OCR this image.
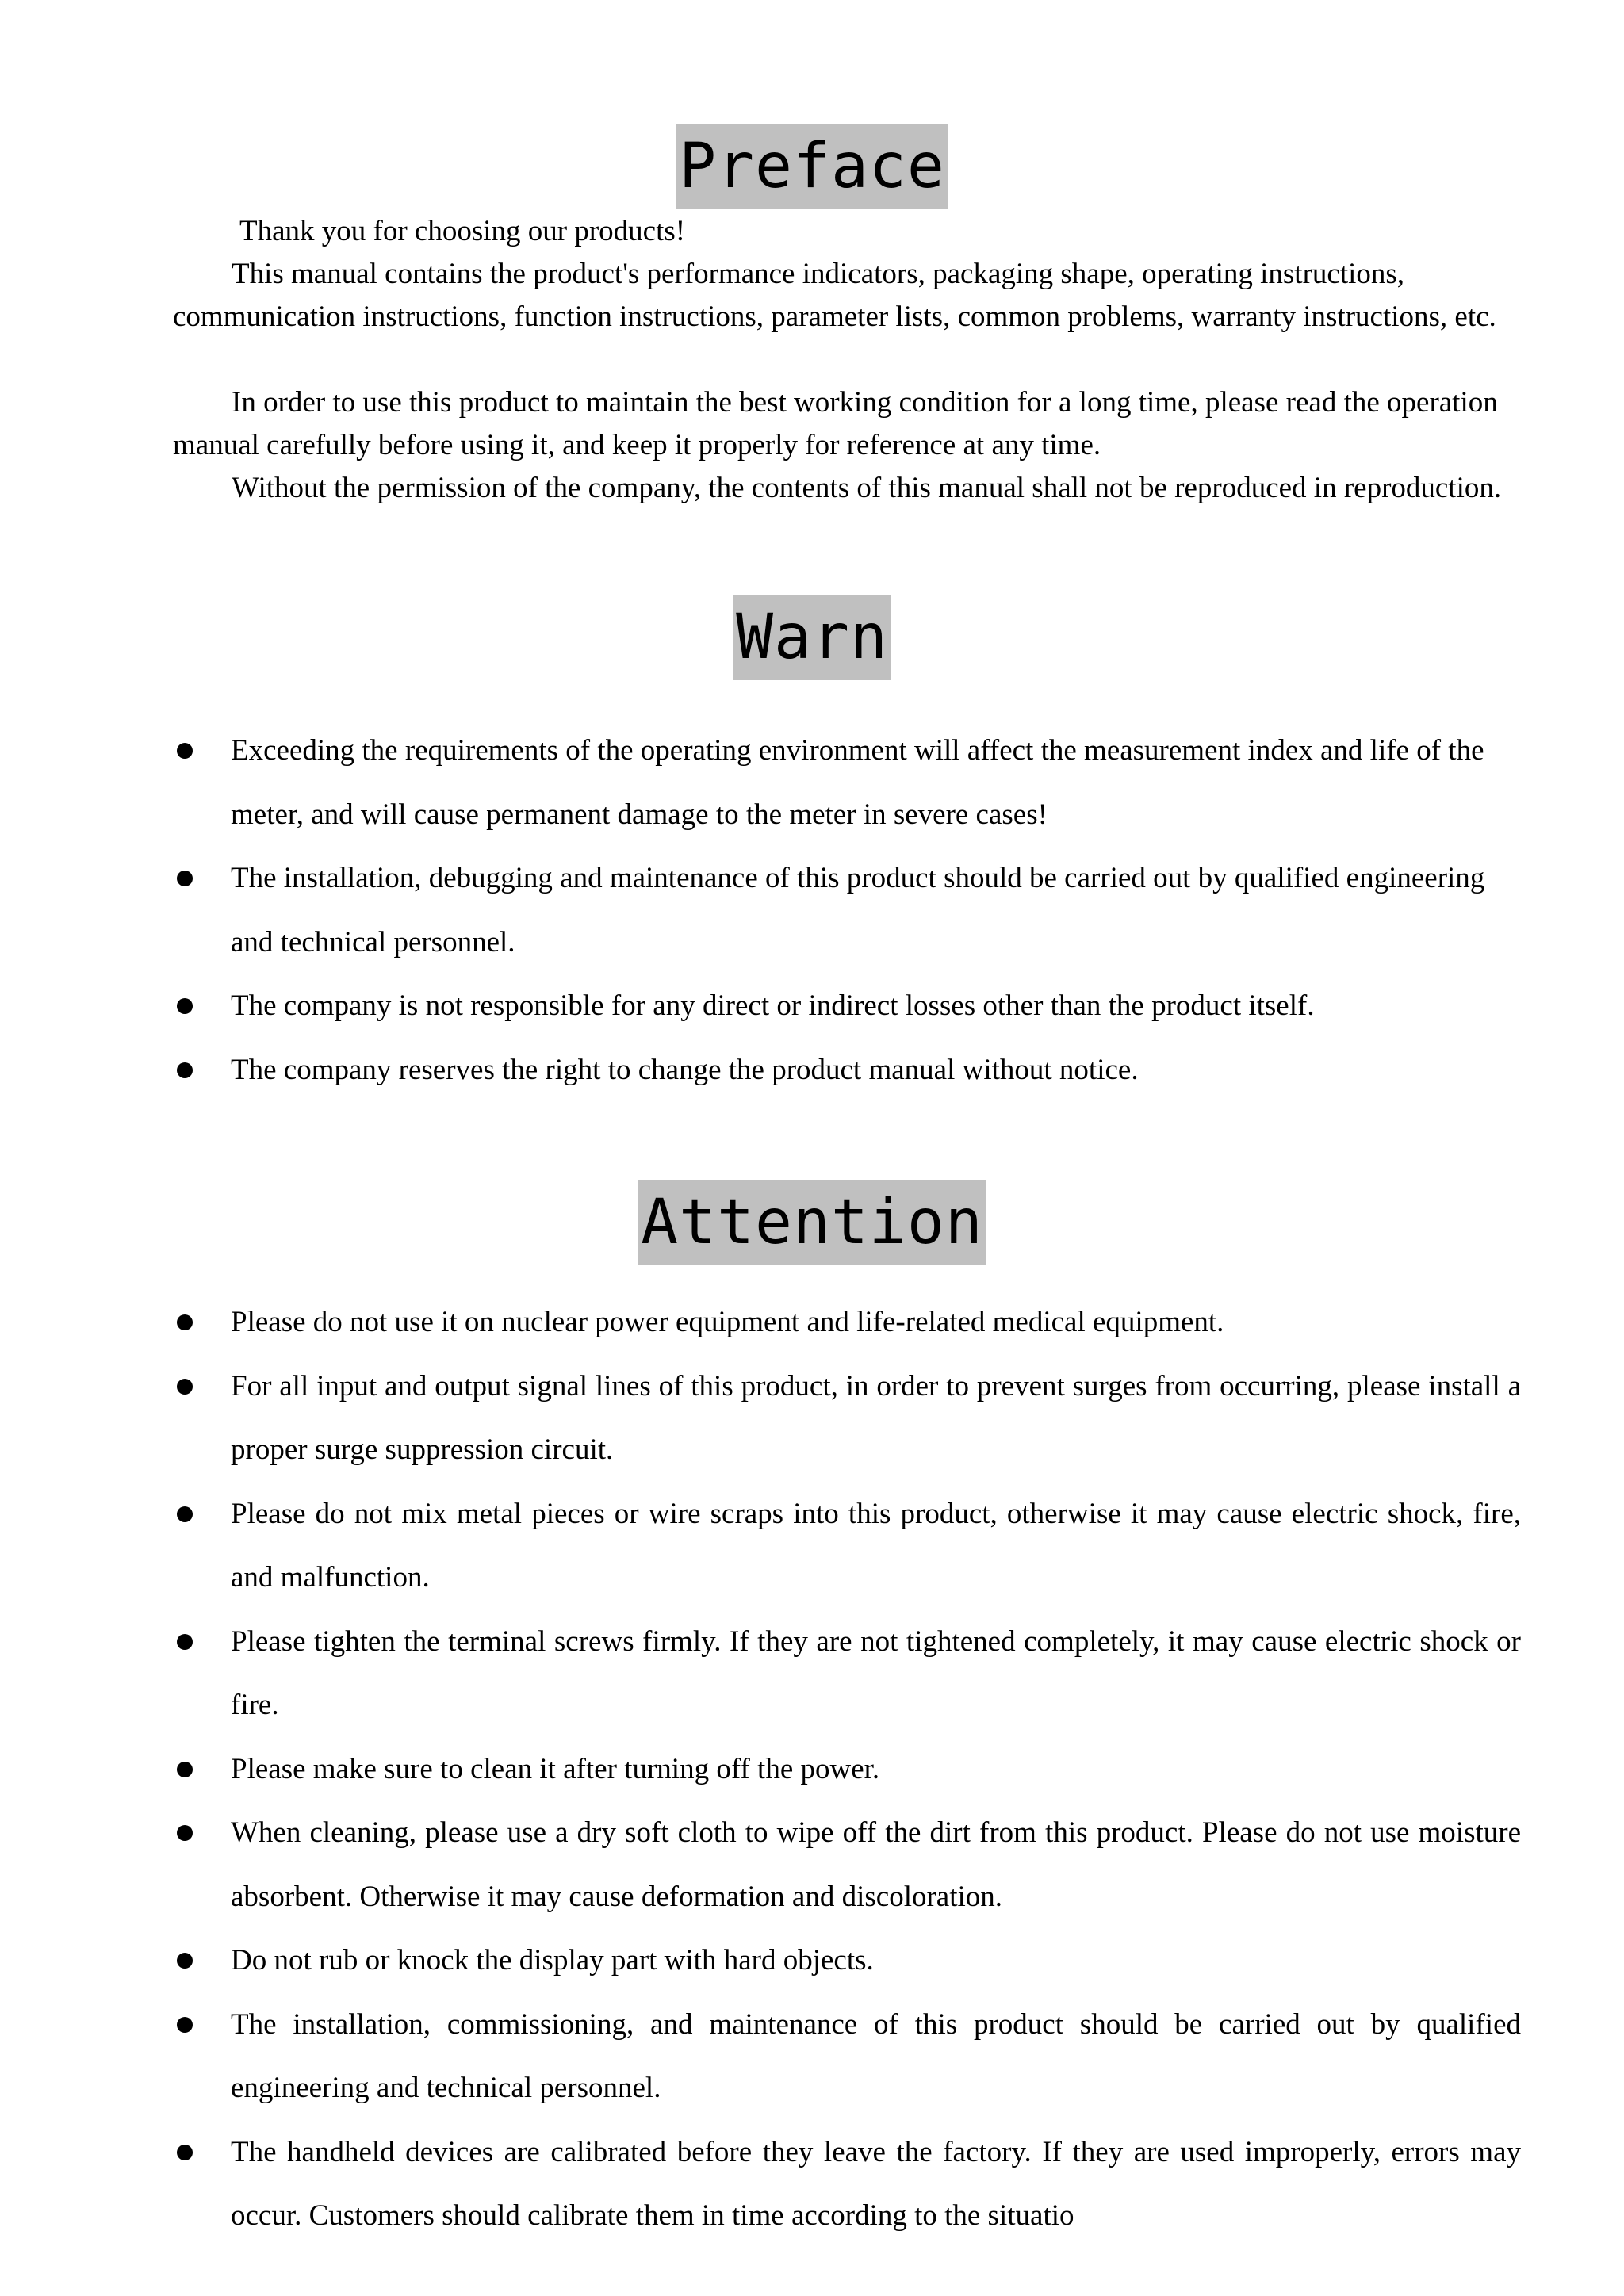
Preface

Thank you for choosing our products!

This manual contains the product's performance indicators, packaging shape, operating instructions, communication instructions, function instructions, parameter lists, common problems, warranty instructions, etc.

In order to use this product to maintain the best working condition for a long time, please read the operation manual carefully before using it, and keep it properly for reference at any time.

Without the permission of the company, the contents of this manual shall not be reproduced in reproduction.

Warn
Exceeding the requirements of the operating environment will affect the measurement index and life of the meter, and will cause permanent damage to the meter in severe cases!
The installation, debugging and maintenance of this product should be carried out by qualified engineering and technical personnel.
The company is not responsible for any direct or indirect losses other than the product itself.
The company reserves the right to change the product manual without notice.
Attention
Please do not use it on nuclear power equipment and life-related medical equipment.
For all input and output signal lines of this product, in order to prevent surges from occurring, please install a proper surge suppression circuit.
Please do not mix metal pieces or wire scraps into this product, otherwise it may cause electric shock, fire, and malfunction.
Please tighten the terminal screws firmly. If they are not tightened completely, it may cause electric shock or fire.
Please make sure to clean it after turning off the power.
When cleaning, please use a dry soft cloth to wipe off the dirt from this product. Please do not use moisture absorbent. Otherwise it may cause deformation and discoloration.
Do not rub or knock the display part with hard objects.
The installation, commissioning, and maintenance of this product should be carried out by qualified engineering and technical personnel.
The handheld devices are calibrated before they leave the factory. If they are used improperly, errors may occur. Customers should calibrate them in time according to the situatio
